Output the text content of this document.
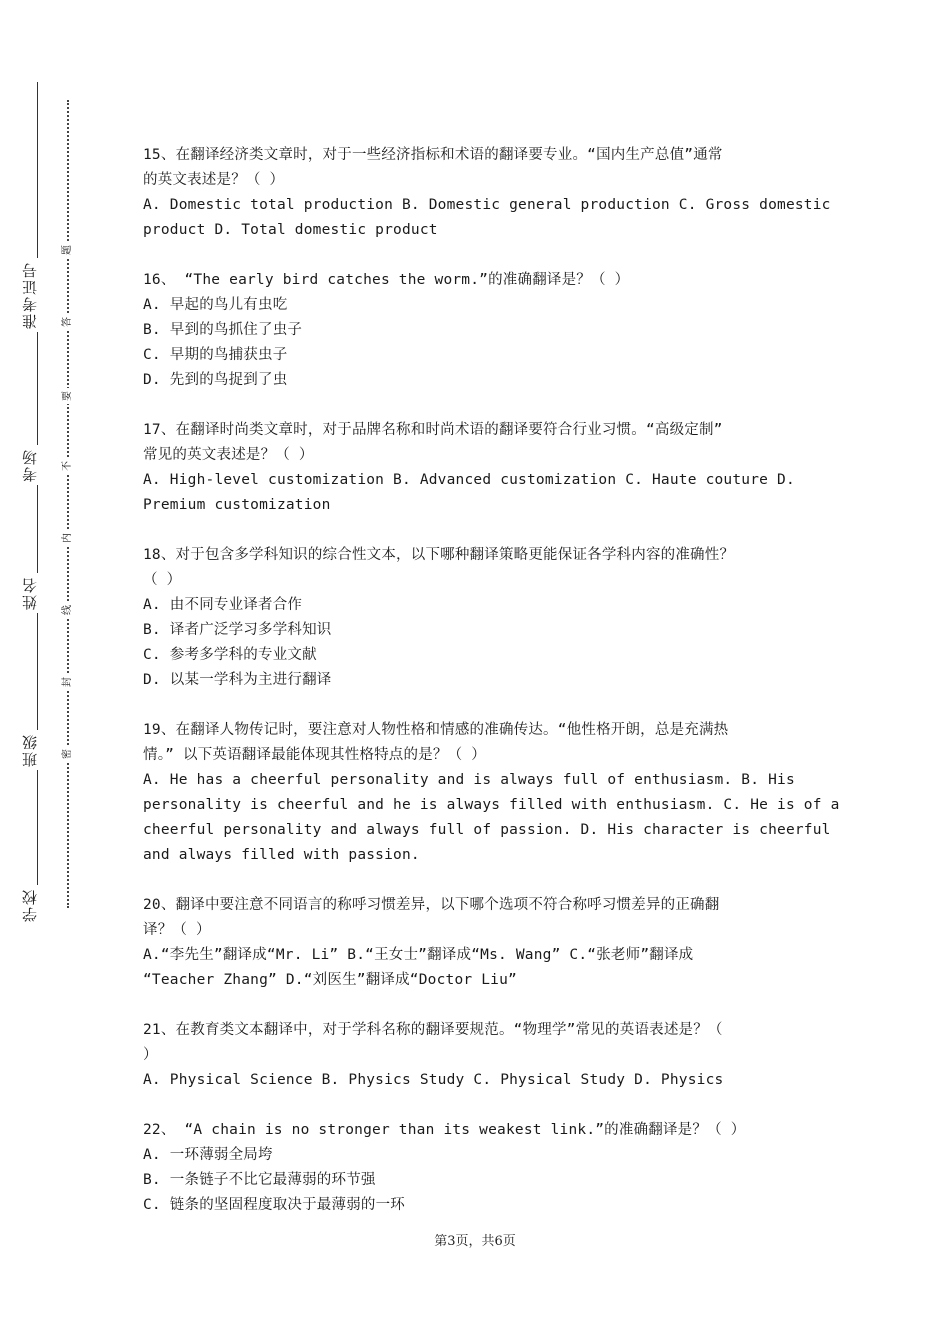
学校
班级
姓名
考场
准考证号
题
答
要
不
内
线
封
密
15、在翻译经济类文章时，对于一些经济指标和术语的翻译要专业。“国内生产总值”通常
的英文表述是？（ ）
A. Domestic total production B. Domestic general production C. Gross domestic
product D. Total domestic product
16、 “The early bird catches the worm.”的准确翻译是？（ ）
A. 早起的鸟儿有虫吃
B. 早到的鸟抓住了虫子
C. 早期的鸟捕获虫子
D. 先到的鸟捉到了虫
17、在翻译时尚类文章时，对于品牌名称和时尚术语的翻译要符合行业习惯。“高级定制”
常见的英文表述是？（ ）
A. High-level customization B. Advanced customization C. Haute couture D.
Premium customization
18、对于包含多学科知识的综合性文本，以下哪种翻译策略更能保证各学科内容的准确性？
（ ）
A. 由不同专业译者合作
B. 译者广泛学习多学科知识
C. 参考多学科的专业文献
D. 以某一学科为主进行翻译
19、在翻译人物传记时，要注意对人物性格和情感的准确传达。“他性格开朗，总是充满热
情。” 以下英语翻译最能体现其性格特点的是？（ ）
A. He has a cheerful personality and is always full of enthusiasm. B. His
personality is cheerful and he is always filled with enthusiasm. C. He is of a
cheerful personality and always full of passion. D. His character is cheerful
and always filled with passion.
20、翻译中要注意不同语言的称呼习惯差异，以下哪个选项不符合称呼习惯差异的正确翻
译？（ ）
A.“李先生”翻译成“Mr. Li” B.“王女士”翻译成“Ms. Wang” C.“张老师”翻译成
“Teacher Zhang” D.“刘医生”翻译成“Doctor Liu”
21、在教育类文本翻译中，对于学科名称的翻译要规范。“物理学”常见的英语表述是？（
）
A. Physical Science B. Physics Study C. Physical Study D. Physics
22、 “A chain is no stronger than its weakest link.”的准确翻译是？（ ）
A. 一环薄弱全局垮
B. 一条链子不比它最薄弱的环节强
C. 链条的坚固程度取决于最薄弱的一环
第3页，共6页
